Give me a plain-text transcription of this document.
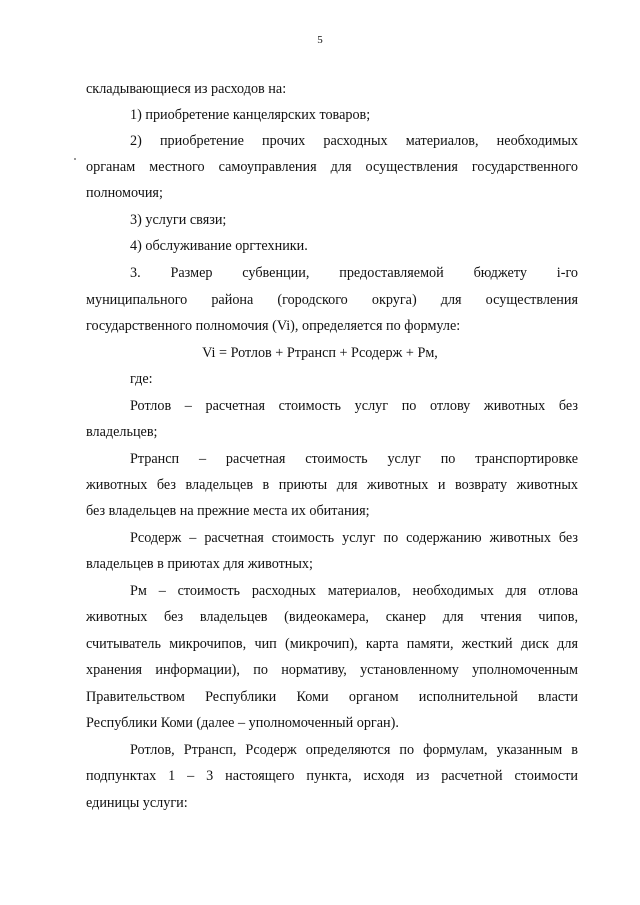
5
складывающиеся из расходов на:
1) приобретение канцелярских товаров;
2) приобретение прочих расходных материалов, необходимых
органам местного самоуправления для осуществления государственного
полномочия;
3) услуги связи;
4) обслуживание оргтехники.
3. Размер субвенции, предоставляемой бюджету i-го
муниципального района (городского округа) для осуществления
государственного полномочия (Vi), определяется по формуле:
Vi = Ротлов + Ртрансп + Рсодерж + Рм,
где:
Ротлов – расчетная стоимость услуг по отлову животных без
владельцев;
Ртрансп – расчетная стоимость услуг по транспортировке
животных без владельцев в приюты для животных и возврату животных
без владельцев на прежние места их обитания;
Рсодерж – расчетная стоимость услуг по содержанию животных без
владельцев в приютах для животных;
Рм – стоимость расходных материалов, необходимых для отлова
животных без владельцев (видеокамера, сканер для чтения чипов,
считыватель микрочипов, чип (микрочип), карта памяти, жесткий диск для
хранения информации), по нормативу, установленному уполномоченным
Правительством Республики Коми органом исполнительной власти
Республики Коми (далее – уполномоченный орган).
Ротлов, Ртрансп, Рсодерж определяются по формулам, указанным в
подпунктах 1 – 3 настоящего пункта, исходя из расчетной стоимости
единицы услуги:
